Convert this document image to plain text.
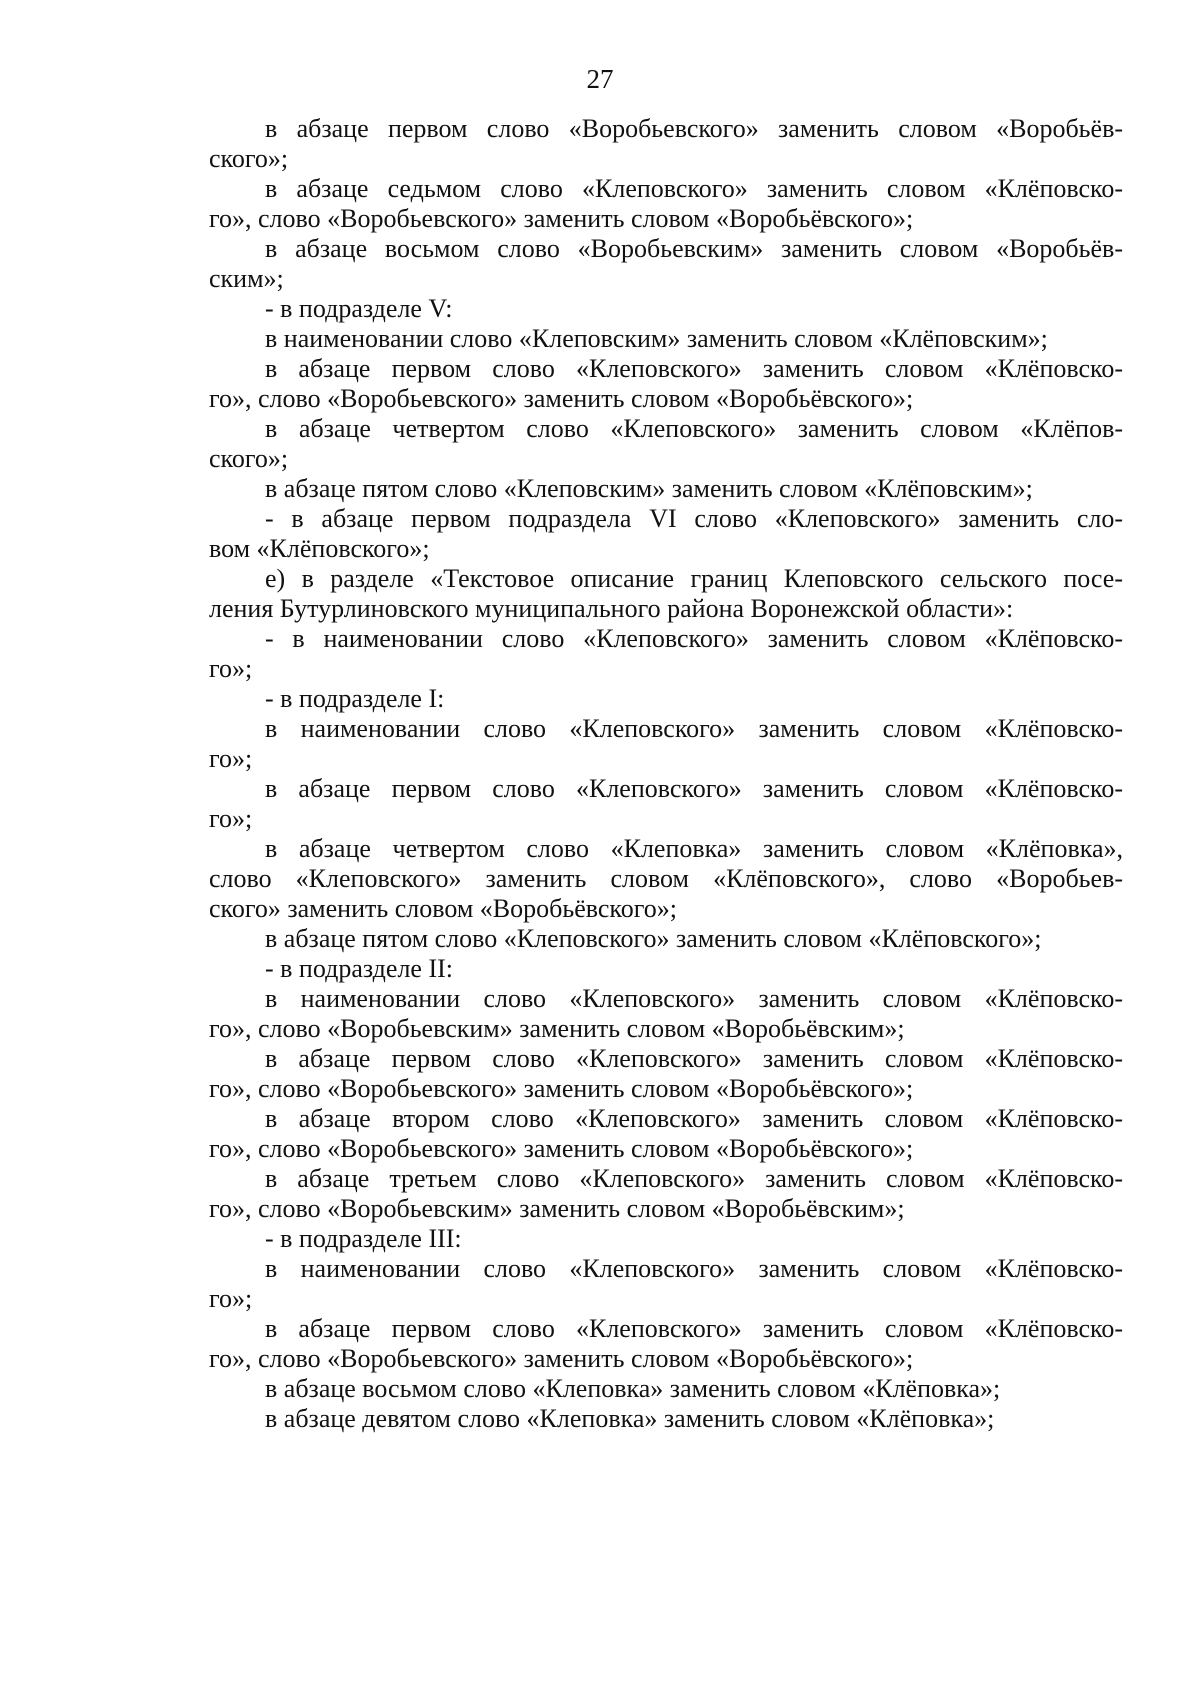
27
в абзаце первом слово «Воробьевского» заменить словом «Воробьёв-
ского»;
в абзаце седьмом слово «Клеповского» заменить словом «Клёповско-
го», слово «Воробьевского» заменить словом «Воробьёвского»;
в абзаце восьмом слово «Воробьевским» заменить словом «Воробьёв-
ским»;
- в подразделе V:
в наименовании слово «Клеповским» заменить словом «Клёповским»;
в абзаце первом слово «Клеповского» заменить словом «Клёповско-
го», слово «Воробьевского» заменить словом «Воробьёвского»;
в абзаце четвертом слово «Клеповского» заменить словом «Клёпов-
ского»;
в абзаце пятом слово «Клеповским» заменить словом «Клёповским»;
- в абзаце первом подраздела VI слово «Клеповского» заменить сло-
вом «Клёповского»;
е) в разделе «Текстовое описание границ Клеповского сельского посе-
ления Бутурлиновского муниципального района Воронежской области»:
- в наименовании слово «Клеповского» заменить словом «Клёповско-
го»;
- в подразделе I:
в наименовании слово «Клеповского» заменить словом «Клёповско-
го»;
в абзаце первом слово «Клеповского» заменить словом «Клёповско-
го»;
в абзаце четвертом слово «Клеповка» заменить словом «Клёповка»,
слово «Клеповского» заменить словом «Клёповского», слово «Воробьев-
ского» заменить словом «Воробьёвского»;
в абзаце пятом слово «Клеповского» заменить словом «Клёповского»;
- в подразделе II:
в наименовании слово «Клеповского» заменить словом «Клёповско-
го», слово «Воробьевским» заменить словом «Воробьёвским»;
в абзаце первом слово «Клеповского» заменить словом «Клёповско-
го», слово «Воробьевского» заменить словом «Воробьёвского»;
в абзаце втором слово «Клеповского» заменить словом «Клёповско-
го», слово «Воробьевского» заменить словом «Воробьёвского»;
в абзаце третьем слово «Клеповского» заменить словом «Клёповско-
го», слово «Воробьевским» заменить словом «Воробьёвским»;
- в подразделе III:
в наименовании слово «Клеповского» заменить словом «Клёповско-
го»;
в абзаце первом слово «Клеповского» заменить словом «Клёповско-
го», слово «Воробьевского» заменить словом «Воробьёвского»;
в абзаце восьмом слово «Клеповка» заменить словом «Клёповка»;
в абзаце девятом слово «Клеповка» заменить словом «Клёповка»;
